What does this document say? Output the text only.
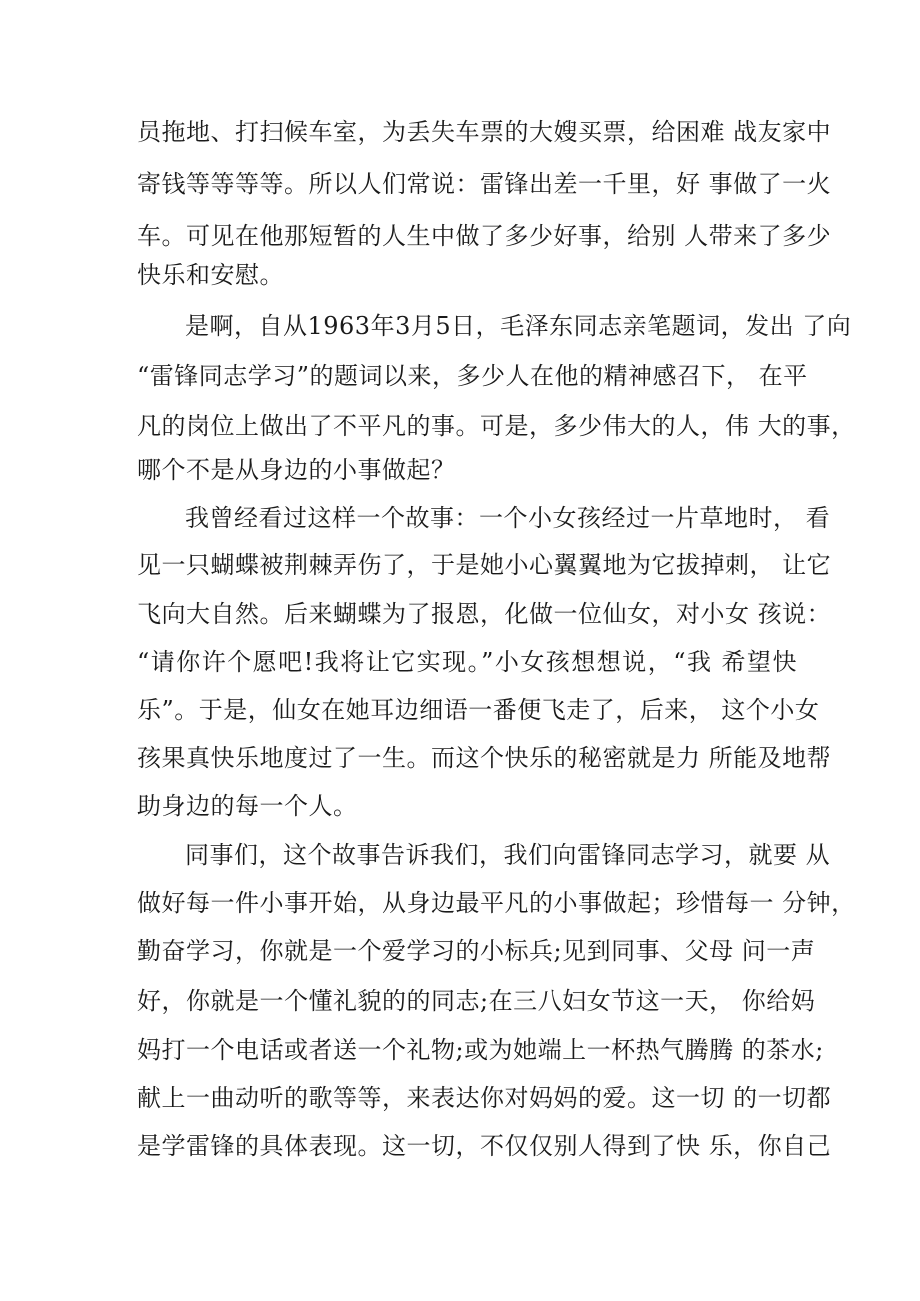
员拖地、打扫候车室，为丢失车票的大嫂买票，给困难 战友家中
寄钱等等等等。所以人们常说：雷锋出差一千里，好 事做了一火
车。可见在他那短暂的人生中做了多少好事，给别 人带来了多少
快乐和安慰。
是啊，自从1963年3月5日，毛泽东同志亲笔题词，发出 了向
“雷锋同志学习”的题词以来，多少人在他的精神感召下， 在平
凡的岗位上做出了不平凡的事。可是，多少伟大的人，伟 大的事，
哪个不是从身边的小事做起？
我曾经看过这样一个故事：一个小女孩经过一片草地时， 看
见一只蝴蝶被荆棘弄伤了，于是她小心翼翼地为它拔掉刺， 让它
飞向大自然。后来蝴蝶为了报恩，化做一位仙女，对小女 孩说：
“请你许个愿吧!我将让它实现。”小女孩想想说，“我 希望快
乐”。于是，仙女在她耳边细语一番便飞走了，后来， 这个小女
孩果真快乐地度过了一生。而这个快乐的秘密就是力 所能及地帮
助身边的每一个人。
同事们，这个故事告诉我们，我们向雷锋同志学习，就要 从
做好每一件小事开始，从身边最平凡的小事做起；珍惜每一 分钟，
勤奋学习，你就是一个爱学习的小标兵;见到同事、父母 问一声
好，你就是一个懂礼貌的的同志;在三八妇女节这一天， 你给妈
妈打一个电话或者送一个礼物;或为她端上一杯热气腾腾 的茶水;
献上一曲动听的歌等等，来表达你对妈妈的爱。这一切 的一切都
是学雷锋的具体表现。这一切，不仅仅别人得到了快 乐，你自己
